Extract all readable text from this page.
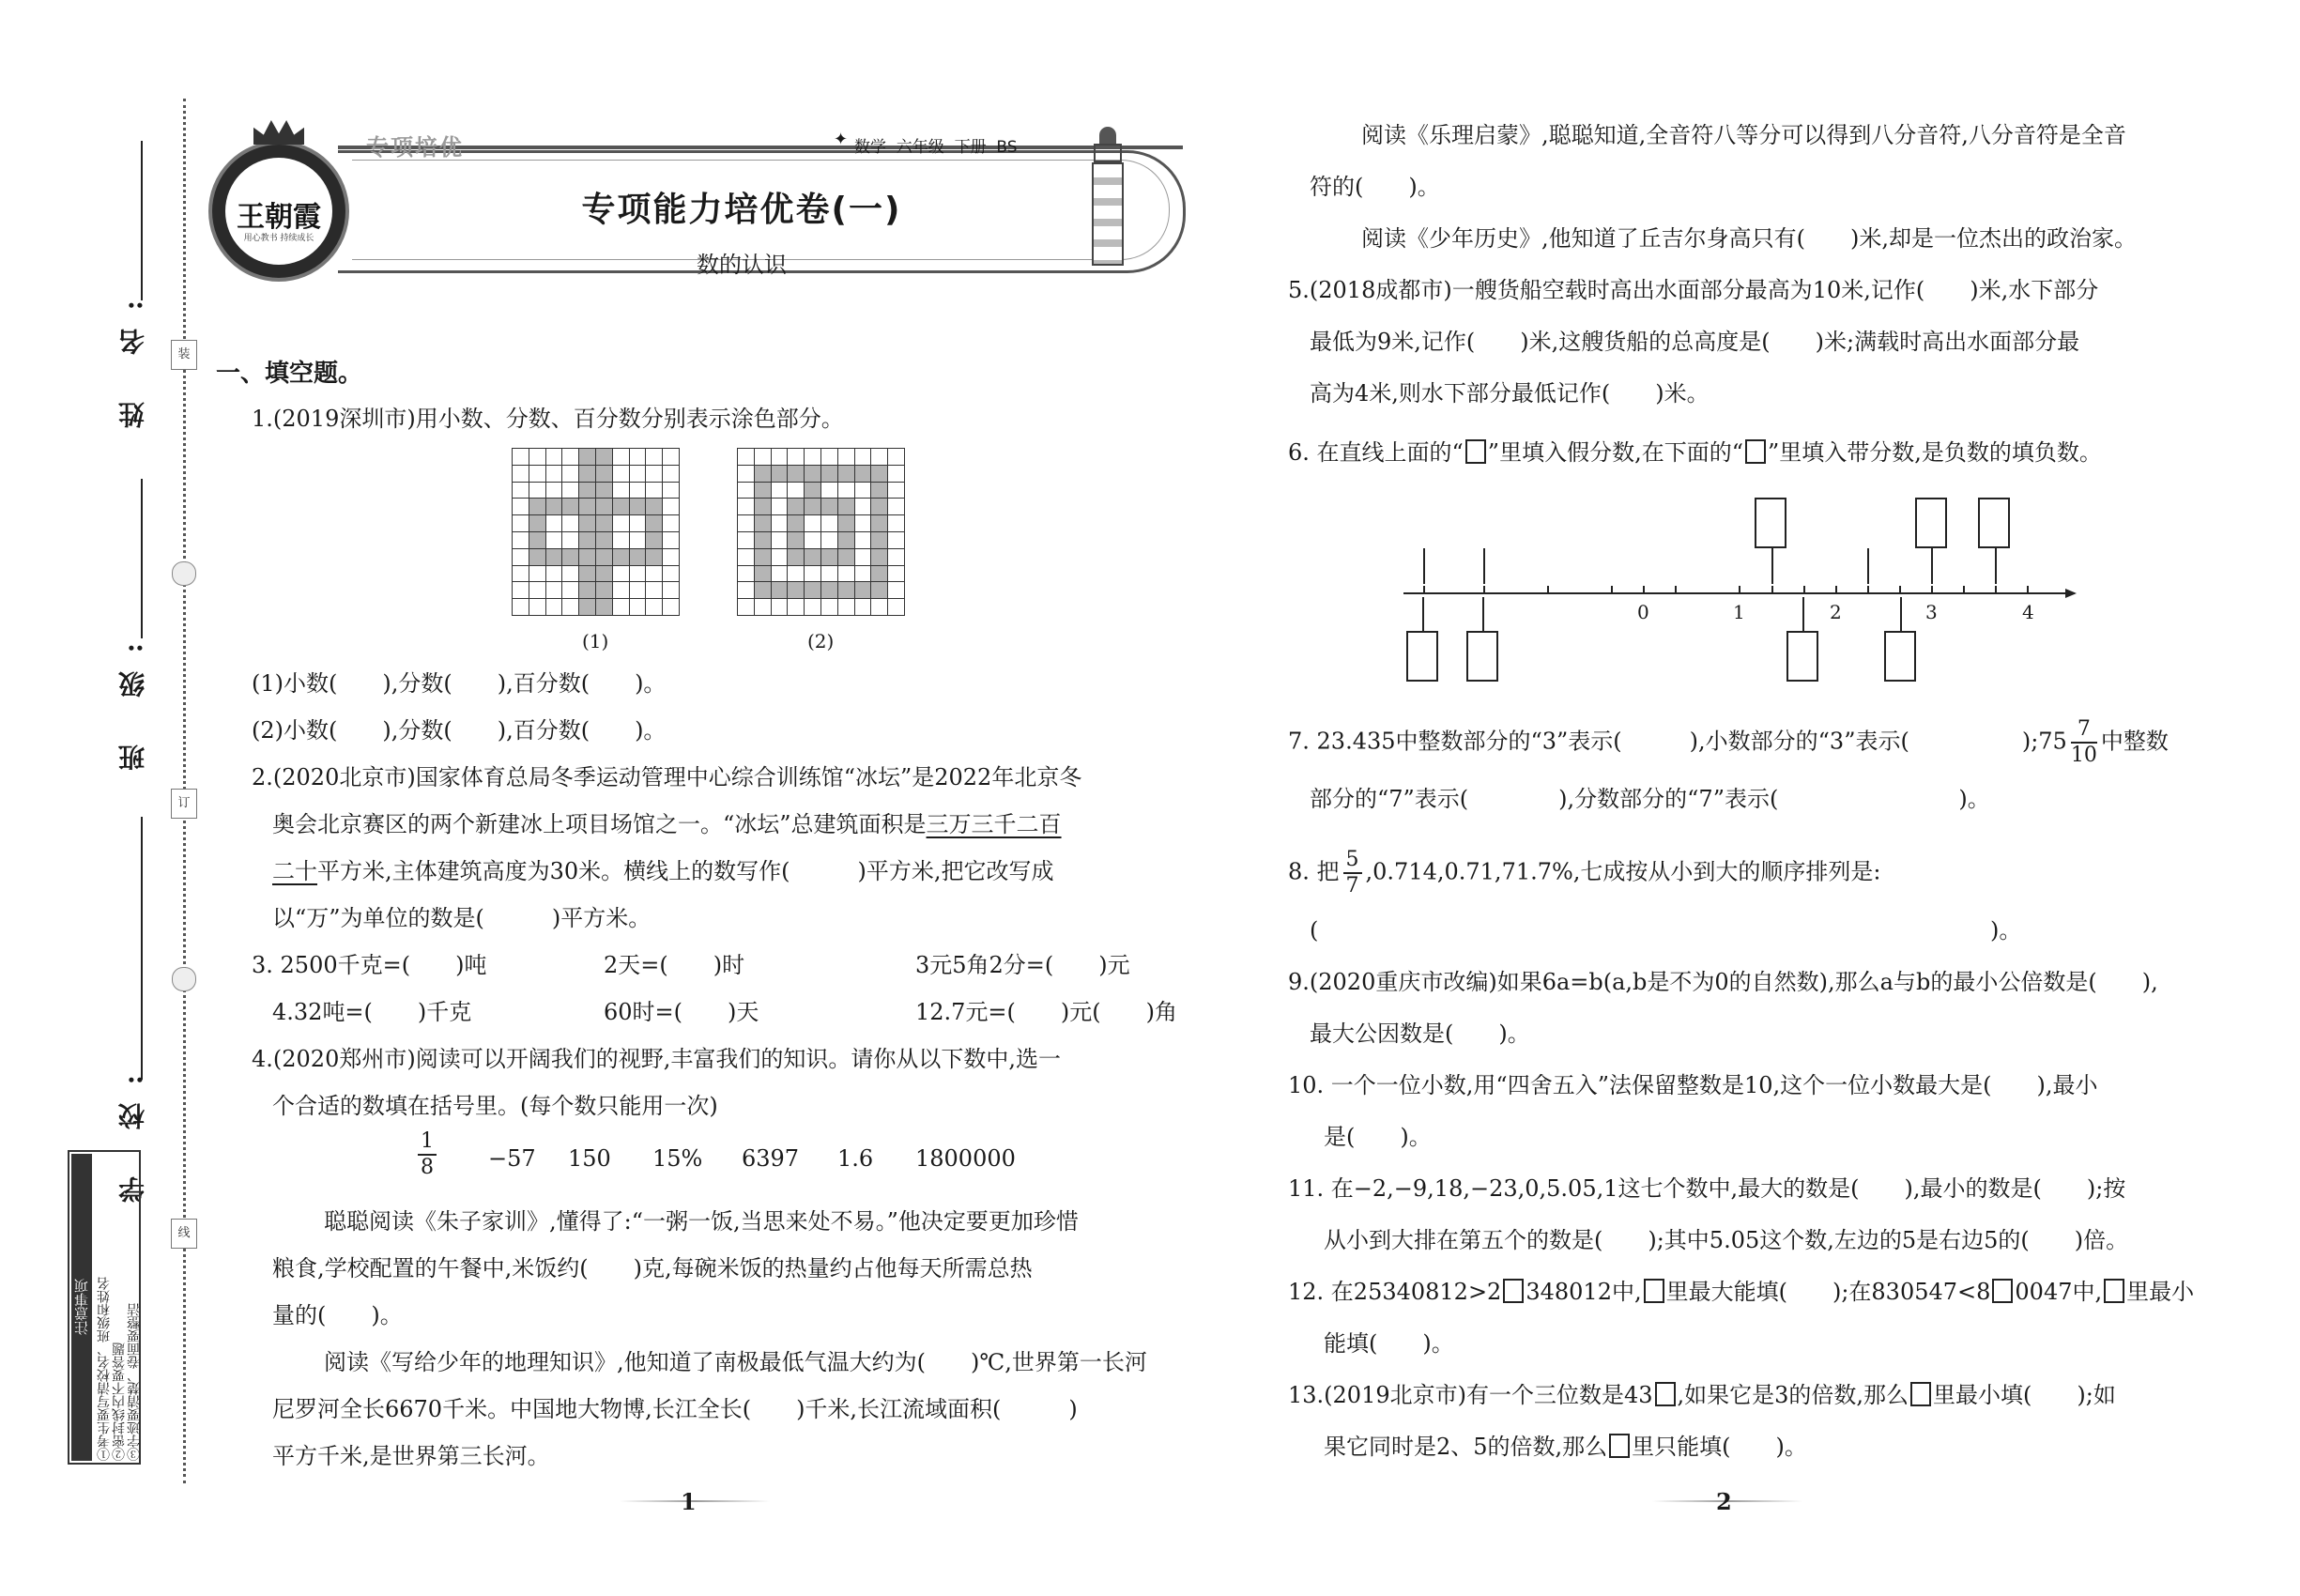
装
订
线
姓 名:
班 级:
学 校:
注意事项 ①考生要写清校名、班级和姓名 ②密封线内不要答题 ③字迹要清楚、卷面要整洁
王朝霞
用心教书 持续成长
专项培优	数学  六年级  下册  BS
✦
专项能力培优卷(一)
数的认识
一、填空题。
1.(2019深圳市)用小数、分数、百分数分别表示涂色部分。
(1)	(2)
(1)小数(　　),分数(　　),百分数(　　)。
(2)小数(　　),分数(　　),百分数(　　)。
2.(2020北京市)国家体育总局冬季运动管理中心综合训练馆“冰坛”是2022年北京冬
奥会北京赛区的两个新建冰上项目场馆之一。“冰坛”总建筑面积是三万三千二百
二十平方米,主体建筑高度为30米。横线上的数写作(　　　)平方米,把它改写成
以“万”为单位的数是(　　　)平方米。
3. 2500千克=(　　)吨	2天=(　　)时	3元5角2分=(　　)元
4.32吨=(　　)千克	60时=(　　)天	12.7元=(　　)元(　　)角
4.(2020郑州市)阅读可以开阔我们的视野,丰富我们的知识。请你从以下数中,选一
个合适的数填在括号里。(每个数只能用一次)
$\frac{1}{8} -57$ 150 15% 6397 1.6 1800000
聪聪阅读《朱子家训》,懂得了:“一粥一饭,当思来处不易。”他决定要更加珍惜
粮食,学校配置的午餐中,米饭约(　　)克,每碗米饭的热量约占他每天所需总热
量的(　　)。
阅读《写给少年的地理知识》,他知道了南极最低气温大约为(　　)℃,世界第一长河
尼罗河全长6670千米。中国地大物博,长江全长(　　)千米,长江流域面积(　　　)
平方千米,是世界第三长河。
1
阅读《乐理启蒙》,聪聪知道,全音符八等分可以得到八分音符,八分音符是全音
符的(　　)。
阅读《少年历史》,他知道了丘吉尔身高只有(　　)米,却是一位杰出的政治家。
5.(2018成都市)一艘货船空载时高出水面部分最高为10米,记作(　　)米,水下部分
最低为9米,记作(　　)米,这艘货船的总高度是(　　)米;满载时高出水面部分最
高为4米,则水下部分最低记作(　　)米。
6. 在直线上面的“ ”里填入假分数,在下面的“ ”里填入带分数,是负数的填负数。
0	1	2	3	4
7. 23.435中整数部分的“3”表示(　　　),小数部分的“3”表示(　　　　　);75 $\frac{7}{10}$ 中整数
部分的“7”表示(　　　　),分数部分的“7”表示(　　　　　　　　)。
8. 把 $\frac{5}{7} ,0.714,0.71,71.7\%$,七成按从小到大的顺序排列是:
(	)。
9.(2020重庆市改编)如果6a=b(a,b是不为0的自然数),那么a与b的最小公倍数是(　　),
最大公因数是(　　)。
10. 一个一位小数,用“四舍五入”法保留整数是10,这个一位小数最大是(　　),最小
是(　　)。
11. 在−2,−9,18,−23,0,5.05,1这七个数中,最大的数是(　　),最小的数是(　　);按
从小到大排在第五个的数是(　　);其中5.05这个数,左边的5是右边5的(　　)倍。
12. 在25340812>2 348012中, 里最大能填(　　);在830547<8 0047中, 里最小
能填(　　)。
13.(2019北京市)有一个三位数是43 ,如果它是3的倍数,那么 里最小填(　　);如
果它同时是2、5的倍数,那么 里只能填(　　)。
2
